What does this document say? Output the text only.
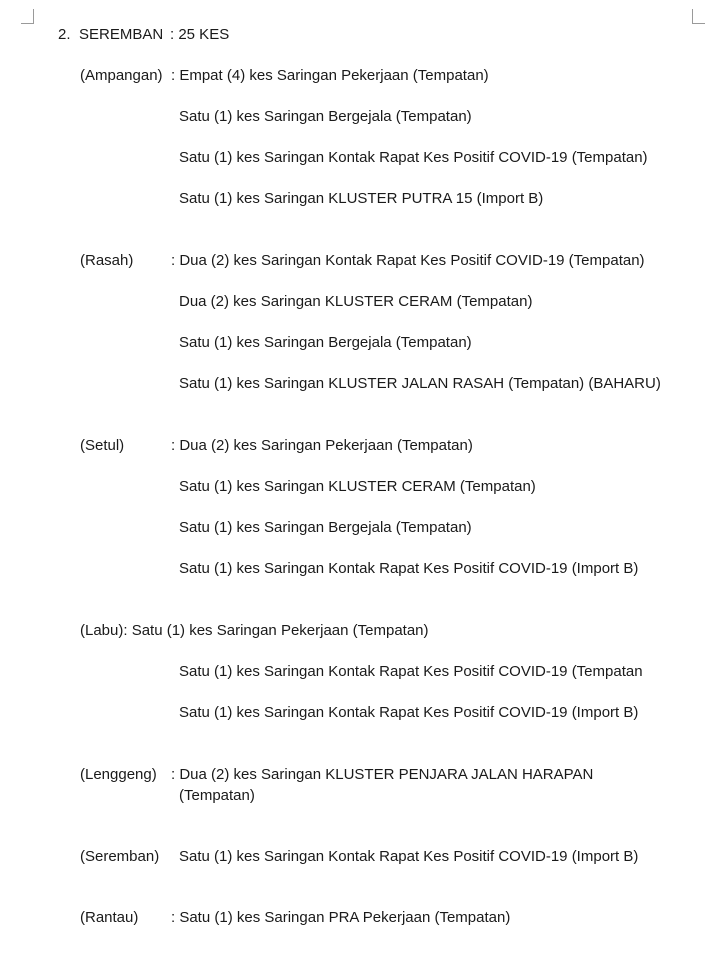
2. SEREMBAN : 25 KES
(Ampangan) : Empat (4) kes Saringan Pekerjaan (Tempatan)
Satu (1) kes Saringan Bergejala (Tempatan)
Satu (1) kes Saringan Kontak Rapat Kes Positif COVID-19 (Tempatan)
Satu (1) kes Saringan KLUSTER PUTRA 15 (Import B)
(Rasah)	: Dua (2) kes Saringan Kontak Rapat Kes Positif COVID-19 (Tempatan)
Dua (2) kes Saringan KLUSTER CERAM (Tempatan)
Satu (1) kes Saringan Bergejala (Tempatan)
Satu (1) kes Saringan KLUSTER JALAN RASAH (Tempatan) (BAHARU)
(Setul)	: Dua (2) kes Saringan Pekerjaan (Tempatan)
Satu (1) kes Saringan KLUSTER CERAM (Tempatan)
Satu (1) kes Saringan Bergejala (Tempatan)
Satu (1) kes Saringan Kontak Rapat Kes Positif COVID-19 (Import B)
(Labu): Satu (1) kes Saringan Pekerjaan (Tempatan)
Satu (1) kes Saringan Kontak Rapat Kes Positif COVID-19 (Tempatan
Satu (1) kes Saringan Kontak Rapat Kes Positif COVID-19 (Import B)
(Lenggeng) : Dua (2) kes Saringan KLUSTER PENJARA JALAN HARAPAN
(Tempatan)
(Seremban) Satu (1) kes Saringan Kontak Rapat Kes Positif COVID-19 (Import B)
(Rantau) : Satu (1) kes Saringan PRA Pekerjaan (Tempatan)
